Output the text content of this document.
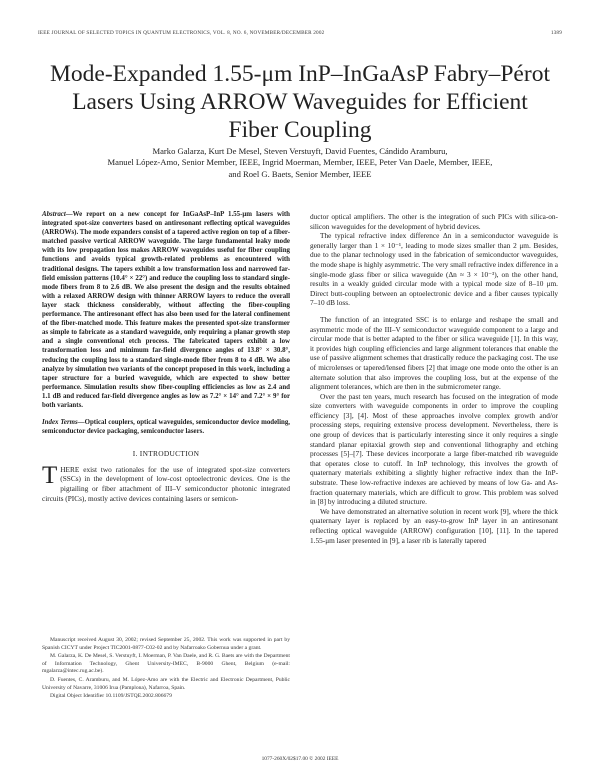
IEEE JOURNAL OF SELECTED TOPICS IN QUANTUM ELECTRONICS, VOL. 8, NO. 6, NOVEMBER/DECEMBER 2002	1389
Mode-Expanded 1.55-μm InP–InGaAsP Fabry–Pérot
Lasers Using ARROW Waveguides for Efficient
Fiber Coupling
Marko Galarza, Kurt De Mesel, Steven Verstuyft, David Fuentes, Cándido Aramburu,
Manuel López-Amo, Senior Member, IEEE, Ingrid Moerman, Member, IEEE, Peter Van Daele, Member, IEEE,
and Roel G. Baets, Senior Member, IEEE

Abstract—We report on a new concept for InGaAsP–InP 1.55-μm lasers with integrated spot-size converters based on antiresonant reflecting optical waveguides (ARROWs). The mode expanders consist of a tapered active region on top of a fiber-matched passive vertical ARROW waveguide. The large fundamental leaky mode with its low propagation loss makes ARROW waveguides useful for fiber coupling functions and avoids typical growth-related problems as encountered with traditional designs. The tapers exhibit a low transformation loss and narrowed far-field emission patterns (10.4° × 22°) and reduce the coupling loss to standard single-mode fibers from 8 to 2.6 dB. We also present the design and the results obtained with a relaxed ARROW design with thinner ARROW layers to reduce the overall layer stack thickness considerably, without affecting the fiber-coupling performance. The antiresonant effect has also been used for the lateral confinement of the fiber-matched mode. This feature makes the presented spot-size transformer as simple to fabricate as a standard waveguide, only requiring a planar growth step and a single conventional etch process. The fabricated tapers exhibit a low transformation loss and minimum far-field divergence angles of 13.8° × 30.8°, reducing the coupling loss to a standard single-mode fiber from 8 to 4 dB. We also analyze by simulation two variants of the concept proposed in this work, including a taper structure for a buried waveguide, which are expected to show better performance. Simulation results show fiber-coupling efficiencies as low as 2.4 and 1.1 dB and reduced far-field divergence angles as low as 7.2° × 14° and 7.2° × 9° for both variants.

Index Terms—Optical couplers, optical waveguides, semiconductor device modeling, semiconductor device packaging, semiconductor lasers.

I. INTRODUCTION

THERE exist two rationales for the use of integrated spot-size converters (SSCs) in the development of low-cost optoelectronic devices. One is the pigtailing or fiber attachment of III–V semiconductor photonic integrated circuits (PICs), mostly active devices containing lasers or semicon-

Manuscript received August 30, 2002; revised September 25, 2002. This work was supported in part by Spanish CICYT under Project TIC2001-0877-C02-02 and by Nafarroako Gobernua under a grant.

M. Galarza, K. De Mesel, S. Verstuyft, I. Moerman, P. Van Daele, and R. G. Baets are with the Department of Information Technology, Ghent University-IMEC, B-9000 Ghent, Belgium (e-mail: mgalarza@intec.rug.ac.be).

D. Fuentes, C. Aramburu, and M. López-Amo are with the Electric and Electronic Department, Public University of Navarre, 31006 Irua (Pamplona), Nafarroa, Spain.

Digital Object Identifier 10.1109/JSTQE.2002.806679

ductor optical amplifiers. The other is the integration of such PICs with silica-on-silicon waveguides for the development of hybrid devices.

The typical refractive index difference Δn in a semiconductor waveguide is generally larger than 1 × 10⁻¹, leading to mode sizes smaller than 2 μm. Besides, due to the planar technology used in the fabrication of semiconductor waveguides, the mode shape is highly asymmetric. The very small refractive index difference in a single-mode glass fiber or silica waveguide (Δn ≈ 3 × 10⁻³), on the other hand, results in a weakly guided circular mode with a typical mode size of 8–10 μm. Direct butt-coupling between an optoelectronic device and a fiber causes typically 7–10 dB loss.

The function of an integrated SSC is to enlarge and reshape the small and asymmetric mode of the III–V semiconductor waveguide component to a large and circular mode that is better adapted to the fiber or silica waveguide [1]. In this way, it provides high coupling efficiencies and large alignment tolerances that enable the use of passive alignment schemes that drastically reduce the packaging cost. The use of microlenses or tapered/lensed fibers [2] that image one mode onto the other is an alternate solution that also improves the coupling loss, but at the expense of the alignment tolerances, which are then in the submicrometer range.

Over the past ten years, much research has focused on the integration of mode size converters with waveguide components in order to improve the coupling efficiency [3], [4]. Most of these approaches involve complex growth and/or processing steps, requiring extensive process development. Nevertheless, there is one group of devices that is particularly interesting since it only requires a single standard planar epitaxial growth step and conventional lithography and etching processes [5]–[7]. These devices incorporate a large fiber-matched rib waveguide that operates close to cutoff. In InP technology, this involves the growth of quaternary materials exhibiting a slightly higher refractive index than the InP-substrate. These low-refractive indexes are achieved by means of low Ga- and As-fraction quaternary materials, which are difficult to grow. This problem was solved in [8] by introducing a diluted structure.

We have demonstrated an alternative solution in recent work [9], where the thick quaternary layer is replaced by an easy-to-grow InP layer in an antiresonant reflecting optical waveguide (ARROW) configuration [10], [11]. In the tapered 1.55-μm laser presented in [9], a laser rib is laterally tapered

1077-260X/02$17.00 © 2002 IEEE
